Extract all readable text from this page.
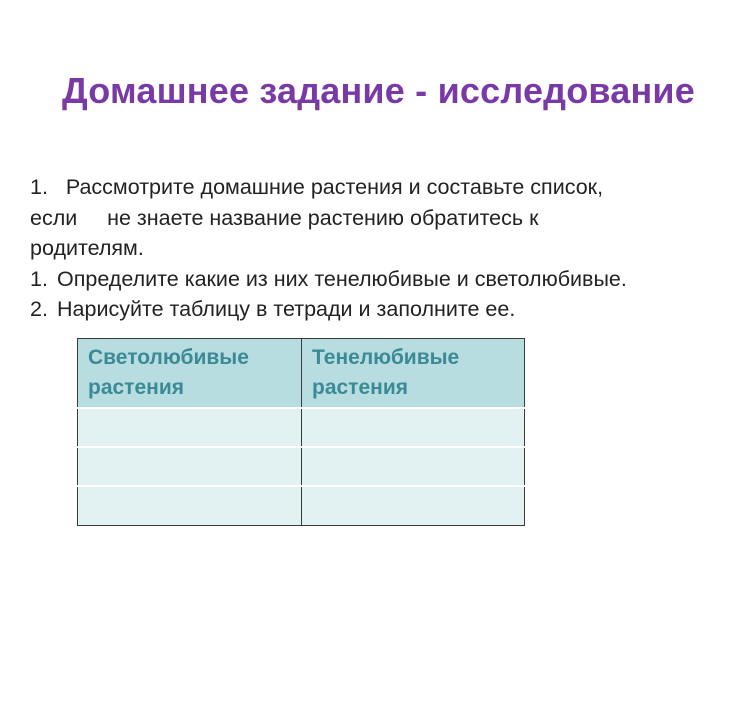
Домашнее задание - исследование
1.   Рассмотрите домашние растения и составьте список,
если     не знаете название растению обратитесь к
родителям.
1. Определите какие из них тенелюбивые и светолюбивые.
2. Нарисуйте таблицу в тетради и заполните ее.
Светолюбивые растения	Тенелюбивые растения
